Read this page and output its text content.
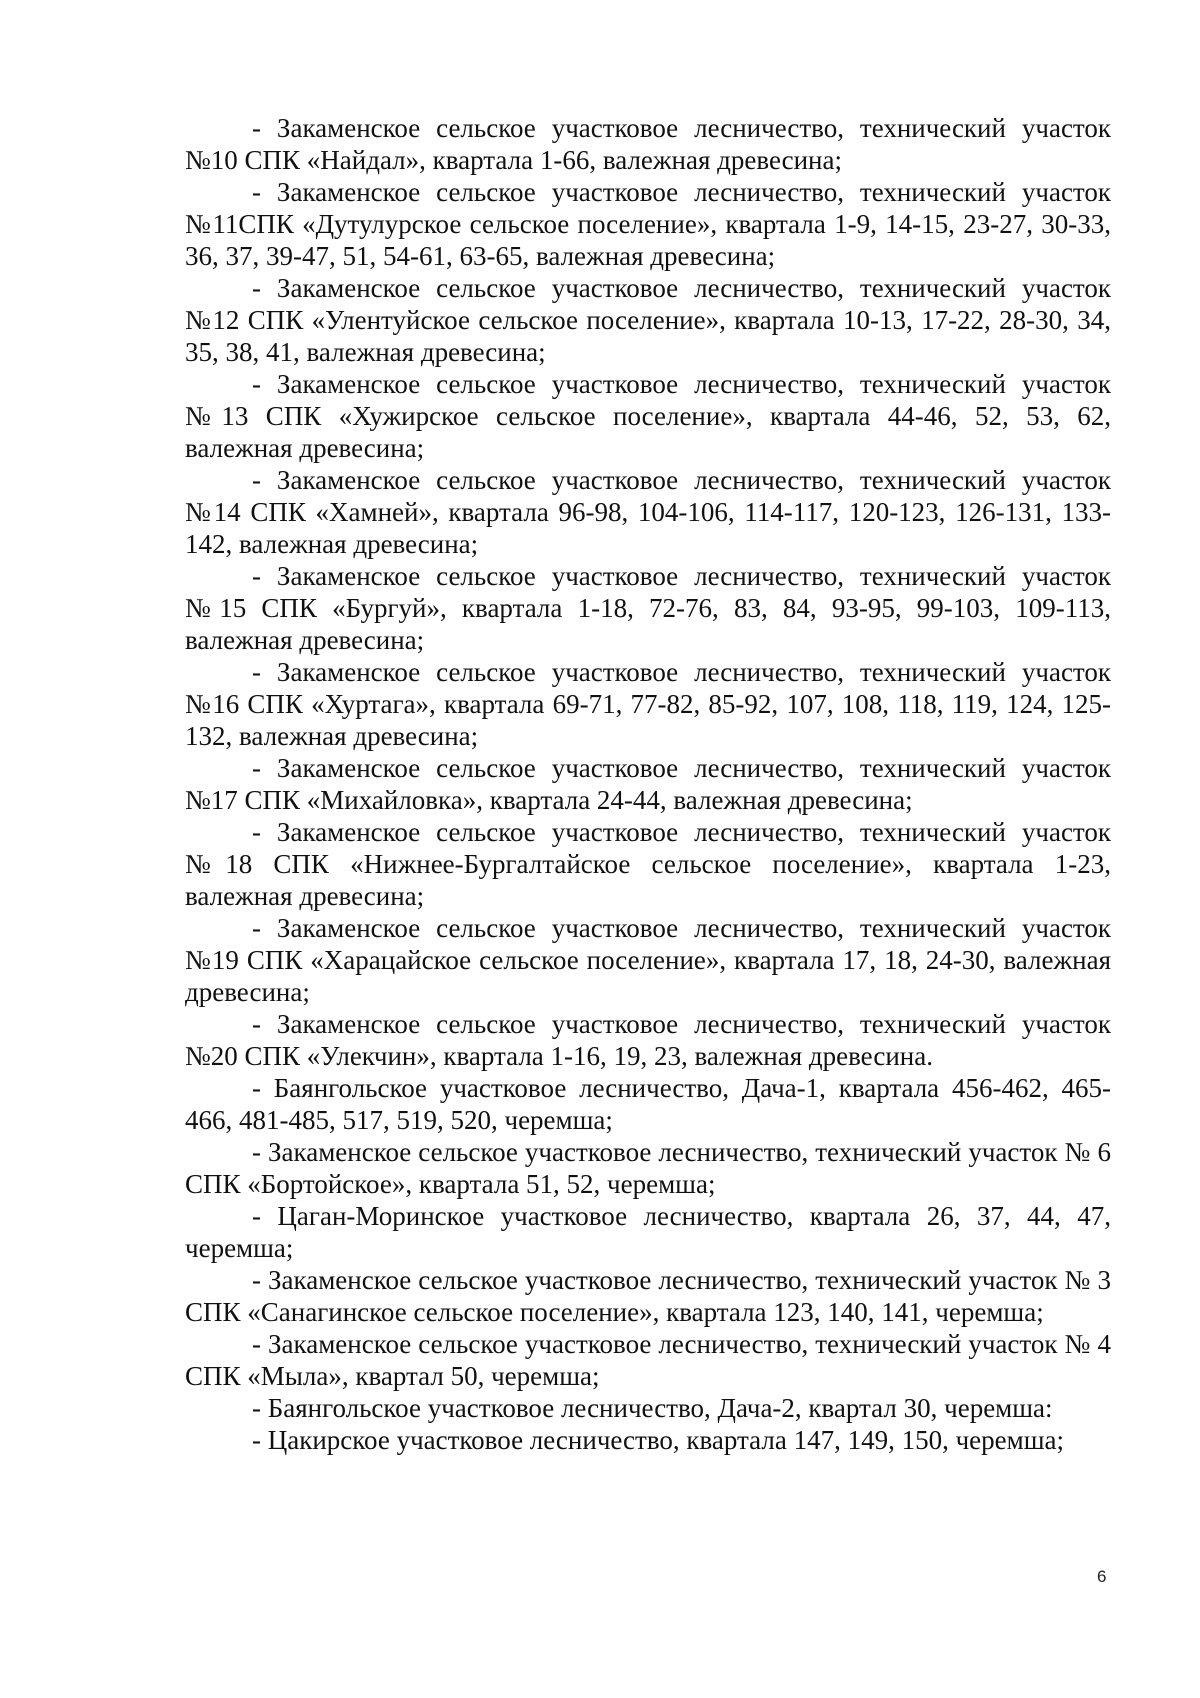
- Закаменское сельское участковое лесничество, технический участок №10 СПК «Найдал», квартала 1-66, валежная древесина;

- Закаменское сельское участковое лесничество, технический участок №11СПК «Дутулурское сельское поселение», квартала 1-9, 14-15, 23-27, 30-33, 36, 37, 39-47, 51, 54-61, 63-65, валежная древесина;

- Закаменское сельское участковое лесничество, технический участок №12 СПК «Улентуйское сельское поселение», квартала 10-13, 17-22, 28-30, 34, 35, 38, 41, валежная древесина;

- Закаменское сельское участковое лесничество, технический участок №13 СПК «Хужирское сельское поселение», квартала 44-46, 52, 53, 62, валежная древесина;

- Закаменское сельское участковое лесничество, технический участок №14 СПК «Хамней», квартала 96-98, 104-106, 114-117, 120-123, 126-131, 133-142, валежная древесина;

- Закаменское сельское участковое лесничество, технический участок №15 СПК «Бургуй», квартала 1-18, 72-76, 83, 84, 93-95, 99-103, 109-113, валежная древесина;

- Закаменское сельское участковое лесничество, технический участок №16 СПК «Хуртага», квартала 69-71, 77-82, 85-92, 107, 108, 118, 119, 124, 125-132, валежная древесина;

- Закаменское сельское участковое лесничество, технический участок №17 СПК «Михайловка», квартала 24-44, валежная древесина;

- Закаменское сельское участковое лесничество, технический участок №18 СПК «Нижнее-Бургалтайское сельское поселение», квартала 1-23, валежная древесина;

- Закаменское сельское участковое лесничество, технический участок №19 СПК «Харацайское сельское поселение», квартала 17, 18, 24-30, валежная древесина;

- Закаменское сельское участковое лесничество, технический участок №20 СПК «Улекчин», квартала 1-16, 19, 23, валежная древесина.

- Баянгольское участковое лесничество, Дача-1, квартала 456-462, 465-466, 481-485, 517, 519, 520, черемша;

- Закаменское сельское участковое лесничество, технический участок № 6 СПК «Бортойское», квартала 51, 52, черемша;

- Цаган-Моринское участковое лесничество, квартала 26, 37, 44, 47, черемша;

- Закаменское сельское участковое лесничество, технический участок № 3 СПК «Санагинское сельское поселение», квартала 123, 140, 141, черемша;

- Закаменское сельское участковое лесничество, технический участок № 4 СПК «Мыла», квартал 50, черемша;

- Баянгольское участковое лесничество, Дача-2, квартал 30, черемша:

- Цакирское участковое лесничество, квартала 147, 149, 150, черемша;

6
